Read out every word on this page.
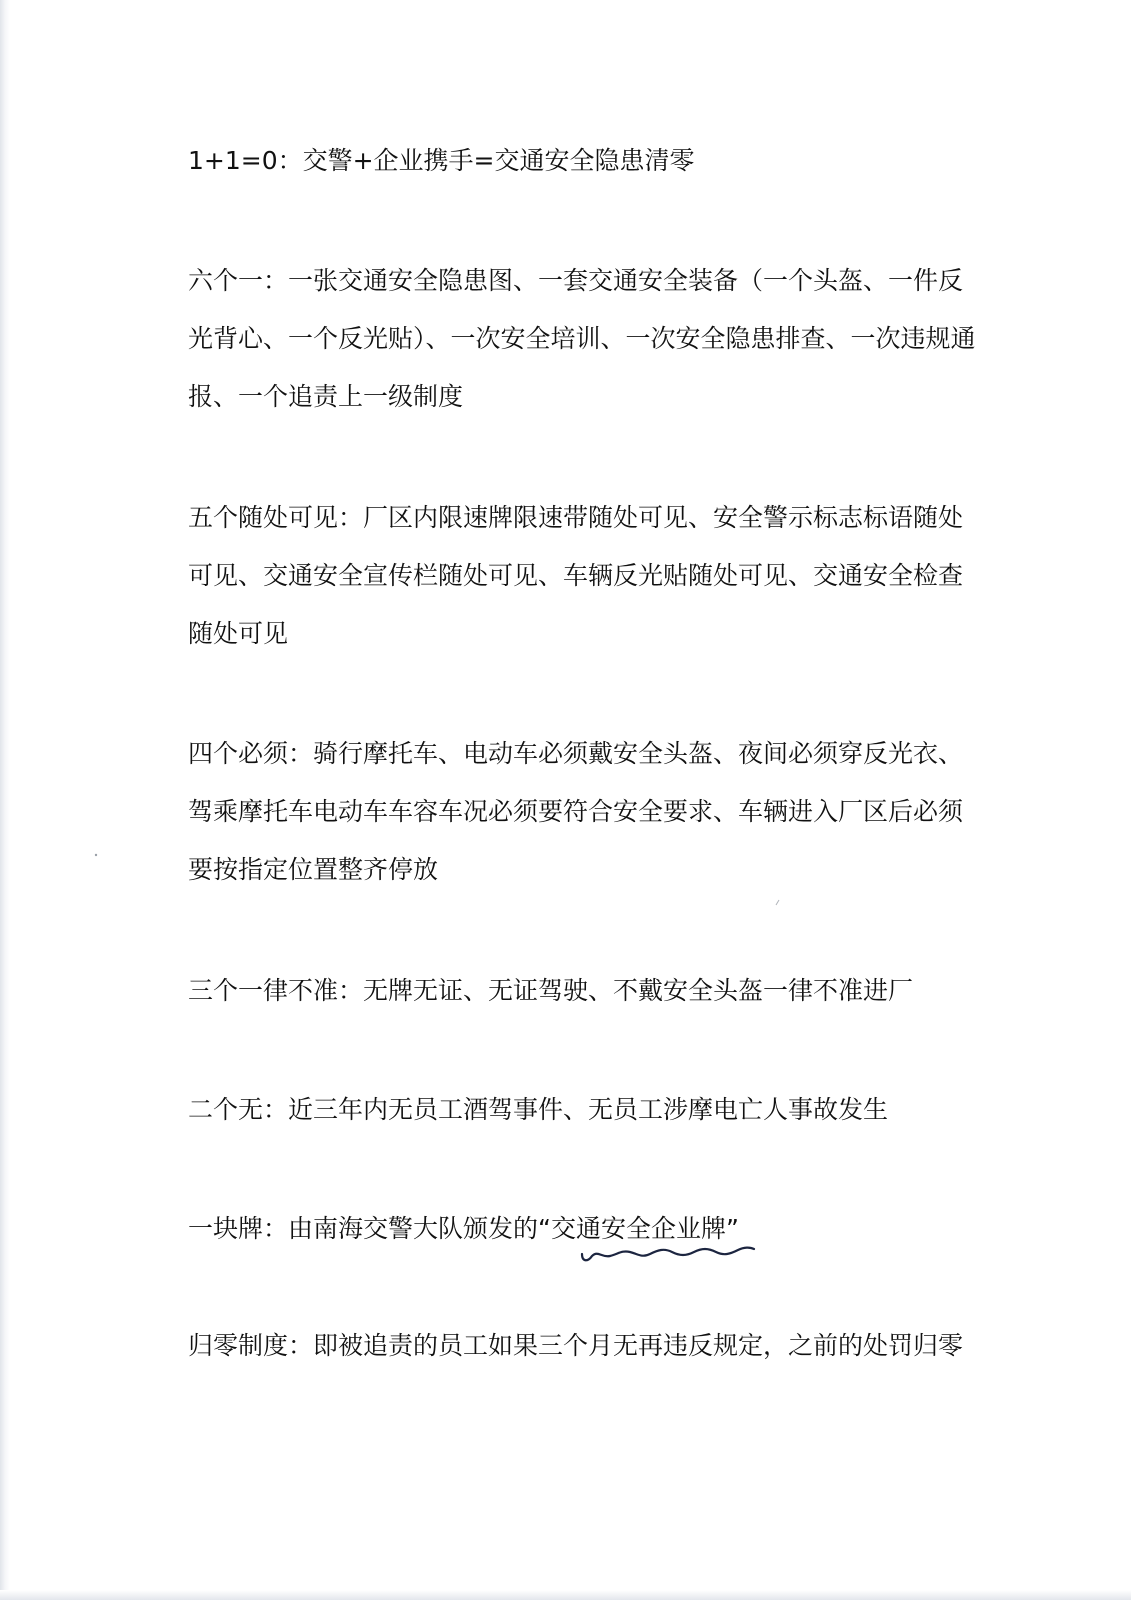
1+1=0：交警+企业携手=交通安全隐患清零

六个一：一张交通安全隐患图、一套交通安全装备（一个头盔、一件反光背心、一个反光贴）、一次安全培训、一次安全隐患排查、一次违规通报、一个追责上一级制度

五个随处可见：厂区内限速牌限速带随处可见、安全警示标志标语随处可见、交通安全宣传栏随处可见、车辆反光贴随处可见、交通安全检查随处可见

四个必须：骑行摩托车、电动车必须戴安全头盔、夜间必须穿反光衣、驾乘摩托车电动车车容车况必须要符合安全要求、车辆进入厂区后必须要按指定位置整齐停放

三个一律不准：无牌无证、无证驾驶、不戴安全头盔一律不准进厂

二个无：近三年内无员工酒驾事件、无员工涉摩电亡人事故发生

一块牌：由南海交警大队颁发的“交通安全企业牌”

归零制度：即被追责的员工如果三个月无再违反规定，之前的处罚归零
